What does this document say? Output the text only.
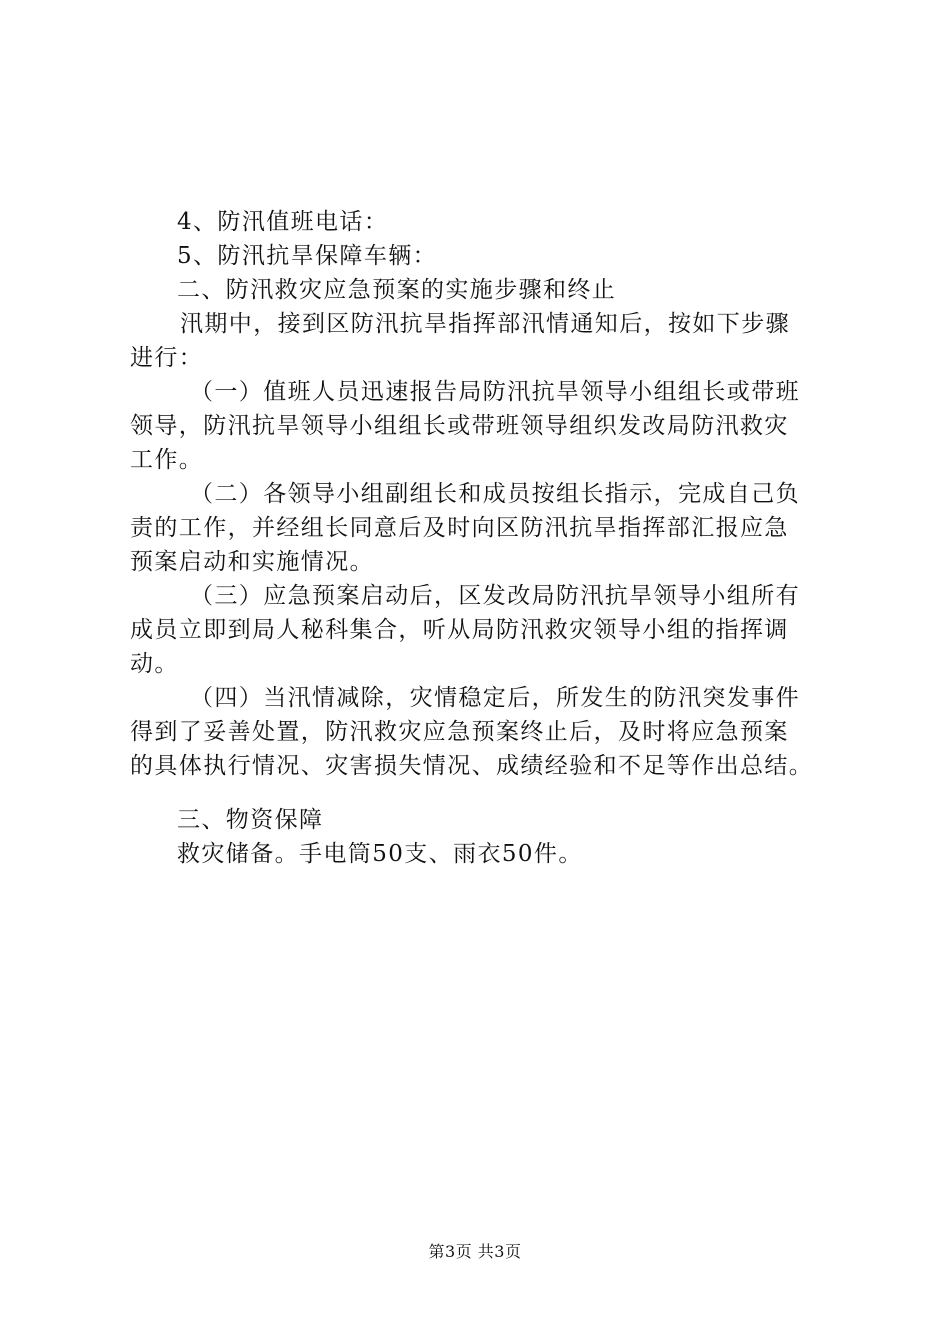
4、防汛值班电话：
5、防汛抗旱保障车辆：
二、防汛救灾应急预案的实施步骤和终止
汛期中，接到区防汛抗旱指挥部汛情通知后，按如下步骤
进行：
（一）值班人员迅速报告局防汛抗旱领导小组组长或带班
领导，防汛抗旱领导小组组长或带班领导组织发改局防汛救灾
工作。
（二）各领导小组副组长和成员按组长指示，完成自己负
责的工作，并经组长同意后及时向区防汛抗旱指挥部汇报应急
预案启动和实施情况。
（三）应急预案启动后，区发改局防汛抗旱领导小组所有
成员立即到局人秘科集合，听从局防汛救灾领导小组的指挥调
动。
（四）当汛情减除，灾情稳定后，所发生的防汛突发事件
得到了妥善处置，防汛救灾应急预案终止后，及时将应急预案
的具体执行情况、灾害损失情况、成绩经验和不足等作出总结。
三、物资保障
救灾储备。手电筒50支、雨衣50件。
第3页 共3页
